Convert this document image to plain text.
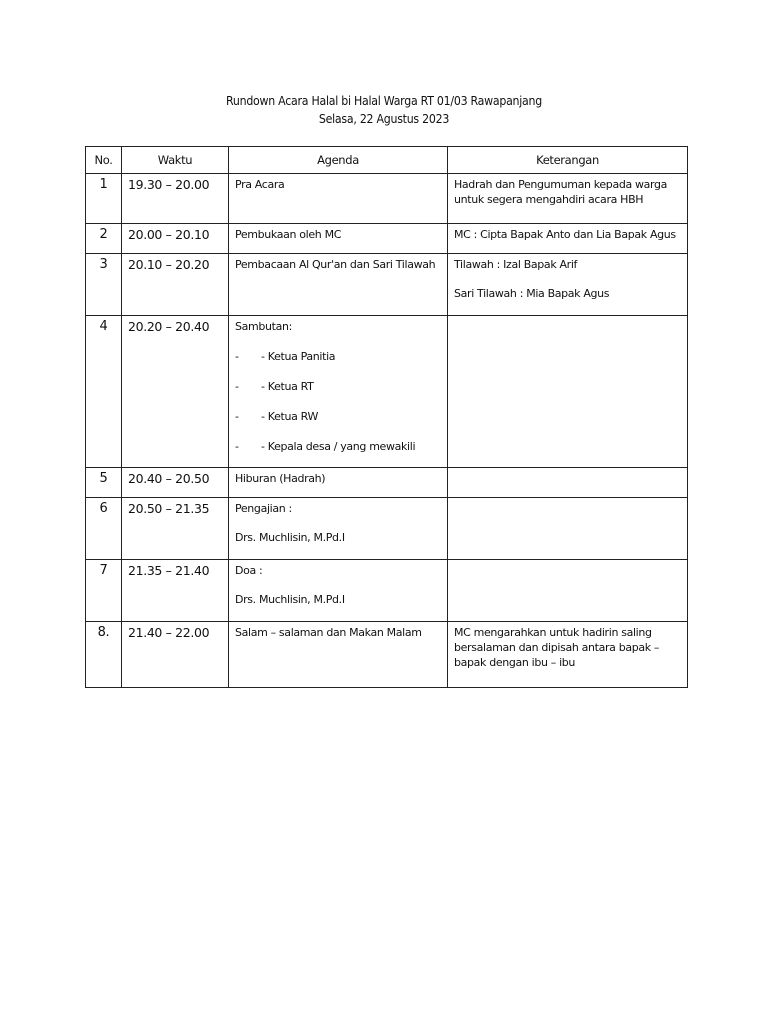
Rundown Acara Halal bi Halal Warga RT 01/03 Rawapanjang
Selasa, 22 Agustus 2023
No.	Waktu	Agenda	Keterangan
1	19.30 – 20.00	Pra Acara	Hadrah dan Pengumuman kepada warga
untuk segera mengahdiri acara HBH

2	20.00 – 20.10	Pembukaan oleh MC	MC : Cipta Bapak Anto dan Lia Bapak Agus

3	20.10 – 20.20	Pembacaan Al Qur'an dan Sari Tilawah	Tilawah : Izal Bapak Arif
Sari Tilawah : Mia Bapak Agus

4	20.20 – 20.40	Sambutan:
- - Ketua Panitia
- - Ketua RT
- - Ketua RW
- - Kepala desa / yang mewakili	

5	20.40 – 20.50	Hiburan (Hadrah)	

6	20.50 – 21.35	Pengajian :
Drs. Muchlisin, M.Pd.I	

7	21.35 – 21.40	Doa :
Drs. Muchlisin, M.Pd.I	

8.	21.40 – 22.00	Salam – salaman dan Makan Malam	MC mengarahkan untuk hadirin saling
bersalaman dan dipisah antara bapak –
bapak dengan ibu – ibu
